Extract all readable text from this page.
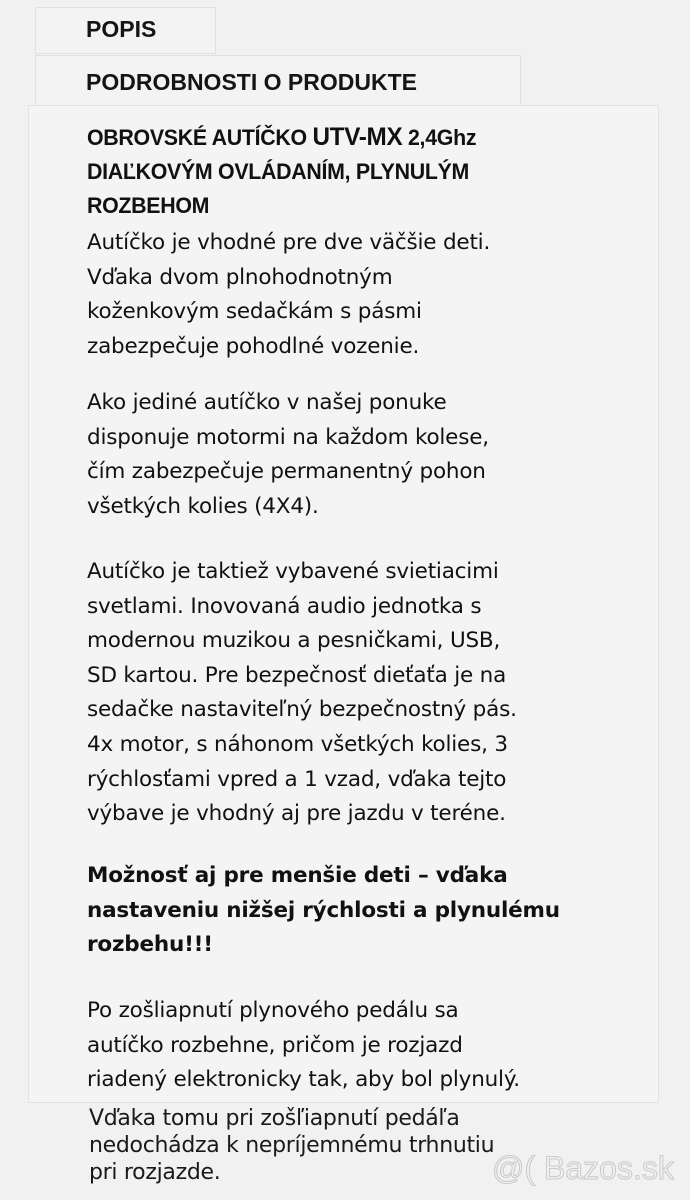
POPIS
PODROBNOSTI O PRODUKTE
OBROVSKÉ AUTÍČKO UTV-MX 2,4Ghz
DIAĽKOVÝM OVLÁDANÍM, PLYNULÝM
ROZBEHOM
Autíčko je vhodné pre dve väčšie deti.
Vďaka dvom plnohodnotným
koženkovým sedačkám s pásmi
zabezpečuje pohodlné vozenie.
Ako jediné autíčko v našej ponuke
disponuje motormi na každom kolese,
čím zabezpečuje permanentný pohon
všetkých kolies (4X4).
Autíčko je taktiež vybavené svietiacimi
svetlami. Inovovaná audio jednotka s
modernou muzikou a pesničkami, USB,
SD kartou. Pre bezpečnosť dieťaťa je na
sedačke nastaviteľný bezpečnostný pás.
4x motor, s náhonom všetkých kolies, 3
rýchlosťami vpred a 1 vzad, vďaka tejto
výbave je vhodný aj pre jazdu v teréne.
Možnosť aj pre menšie deti – vďaka
nastaveniu nižšej rýchlosti a plynulému
rozbehu!!!
Po zošliapnutí plynového pedálu sa
autíčko rozbehne, pričom je rozjazd
riadený elektronicky tak, aby bol plynulý.
Vďaka tomu pri zošľiapnutí pedáľa
nedochádza k nepríjemnému trhnutiu
pri rozjazde.	@( Bazos.sk
